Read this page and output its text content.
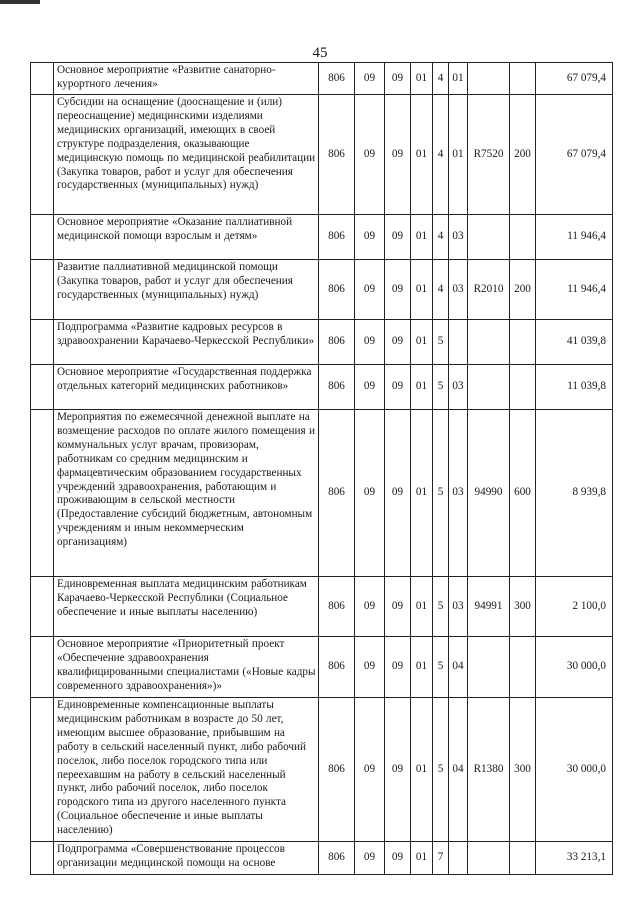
45
	Основное мероприятие «Развитие санаторно-курортного лечения»	806	09	09	01	4	01			67 079,4
	Субсидии на оснащение (дооснащение и (или) переоснащение) медицинскими изделиями медицинских организаций, имеющих в своей структуре подразделения, оказывающие медицинскую помощь по медицинской реабилитации (Закупка товаров, работ и услуг для обеспечения государственных (муниципальных) нужд)	806	09	09	01	4	01	R7520	200	67 079,4
	Основное мероприятие «Оказание паллиативной медицинской помощи взрослым и детям»	806	09	09	01	4	03			11 946,4
	Развитие паллиативной медицинской помощи (Закупка товаров, работ и услуг для обеспечения государственных (муниципальных) нужд)	806	09	09	01	4	03	R2010	200	11 946,4
	Подпрограмма «Развитие кадровых ресурсов в здравоохранении Карачаево-Черкесской Республики»	806	09	09	01	5				41 039,8
	Основное мероприятие «Государственная поддержка отдельных категорий медицинских работников»	806	09	09	01	5	03			11 039,8
	Мероприятия по ежемесячной денежной выплате на возмещение расходов по оплате жилого помещения и коммунальных услуг врачам, провизорам, работникам со средним медицинским и фармацевтическим образованием государственных учреждений здравоохранения, работающим и проживающим в сельской местности (Предоставление субсидий бюджетным, автономным учреждениям и иным некоммерческим организациям)	806	09	09	01	5	03	94990	600	8 939,8
	Единовременная выплата медицинским работникам Карачаево-Черкесской Республики (Социальное обеспечение и иные выплаты населению)	806	09	09	01	5	03	94991	300	2 100,0
	Основное мероприятие «Приоритетный проект «Обеспечение здравоохранения квалифицированными специалистами («Новые кадры современного здравоохранения»)»	806	09	09	01	5	04			30 000,0
	Единовременные компенсационные выплаты медицинским работникам в возрасте до 50 лет, имеющим высшее образование, прибывшим на работу в сельский населенный пункт, либо рабочий поселок, либо поселок городского типа или переехавшим на работу в сельский населенный пункт, либо рабочий поселок, либо поселок городского типа из другого населенного пункта (Социальное обеспечение и иные выплаты населению)	806	09	09	01	5	04	R1380	300	30 000,0
	Подпрограмма «Совершенствование процессов организации медицинской помощи на основе	806	09	09	01	7				33 213,1
